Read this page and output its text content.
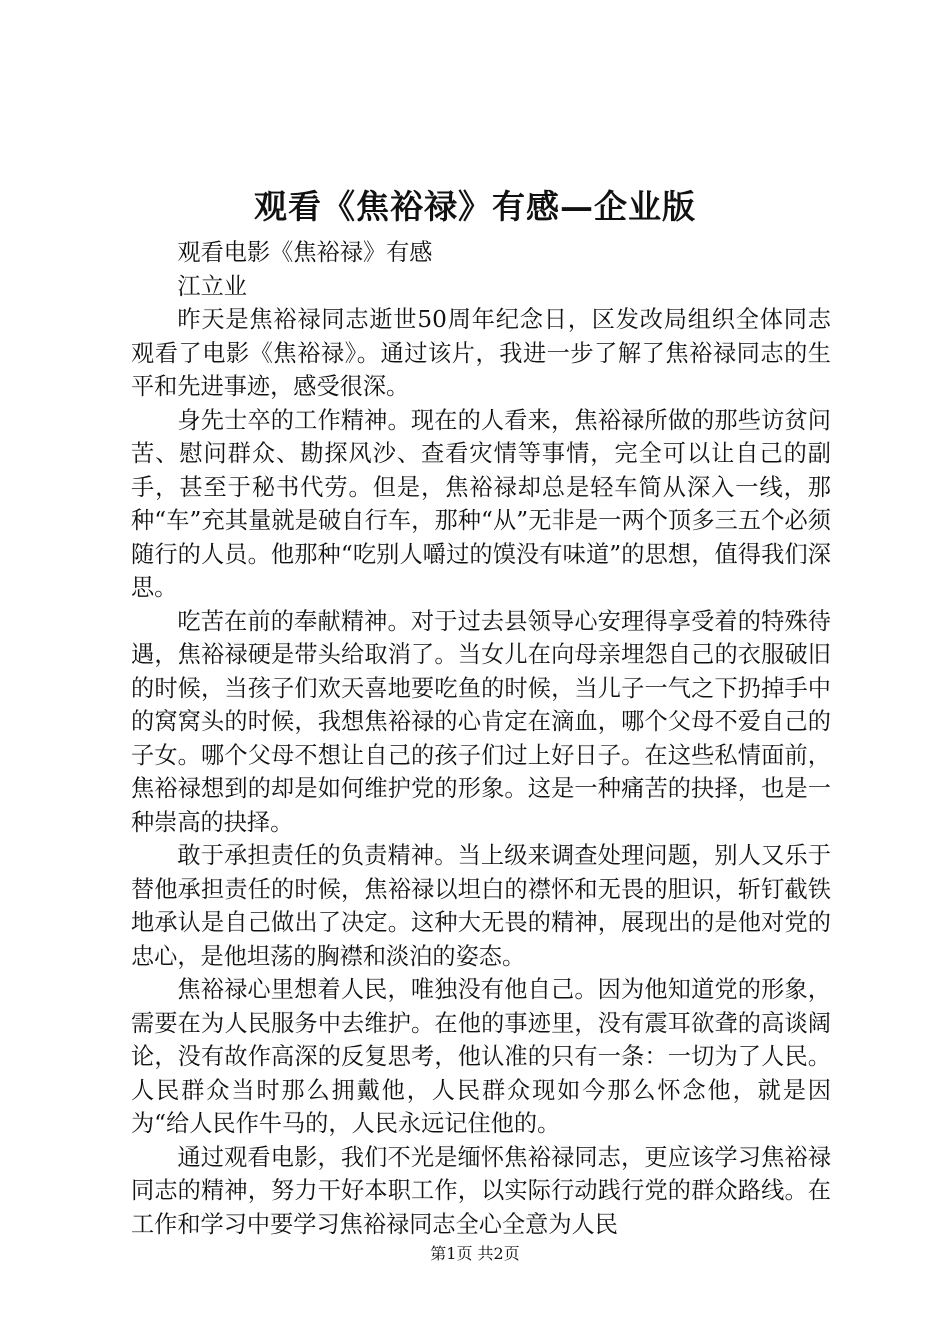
观看《焦裕禄》有感—企业版

观看电影《焦裕禄》有感

江立业

昨天是焦裕禄同志逝世50周年纪念日，区发改局组织全体同志观看了电影《焦裕禄》。通过该片，我进一步了解了焦裕禄同志的生平和先进事迹，感受很深。

身先士卒的工作精神。现在的人看来，焦裕禄所做的那些访贫问苦、慰问群众、勘探风沙、查看灾情等事情，完全可以让自己的副手，甚至于秘书代劳。但是，焦裕禄却总是轻车简从深入一线，那种“车”充其量就是破自行车，那种“从”无非是一两个顶多三五个必须随行的人员。他那种“吃别人嚼过的馍没有味道”的思想，值得我们深思。

吃苦在前的奉献精神。对于过去县领导心安理得享受着的特殊待遇，焦裕禄硬是带头给取消了。当女儿在向母亲埋怨自己的衣服破旧的时候，当孩子们欢天喜地要吃鱼的时候，当儿子一气之下扔掉手中的窝窝头的时候，我想焦裕禄的心肯定在滴血，哪个父母不爱自己的子女。哪个父母不想让自己的孩子们过上好日子。在这些私情面前，焦裕禄想到的却是如何维护党的形象。这是一种痛苦的抉择，也是一种崇高的抉择。

敢于承担责任的负责精神。当上级来调查处理问题，别人又乐于替他承担责任的时候，焦裕禄以坦白的襟怀和无畏的胆识，斩钉截铁地承认是自己做出了决定。这种大无畏的精神，展现出的是他对党的忠心，是他坦荡的胸襟和淡泊的姿态。

焦裕禄心里想着人民，唯独没有他自己。因为他知道党的形象，需要在为人民服务中去维护。在他的事迹里，没有震耳欲聋的高谈阔论，没有故作高深的反复思考，他认准的只有一条：一切为了人民。人民群众当时那么拥戴他，人民群众现如今那么怀念他，就是因为“给人民作牛马的，人民永远记住他的。

通过观看电影，我们不光是缅怀焦裕禄同志，更应该学习焦裕禄同志的精神，努力干好本职工作，以实际行动践行党的群众路线。在工作和学习中要学习焦裕禄同志全心全意为人民

第1页 共2页
